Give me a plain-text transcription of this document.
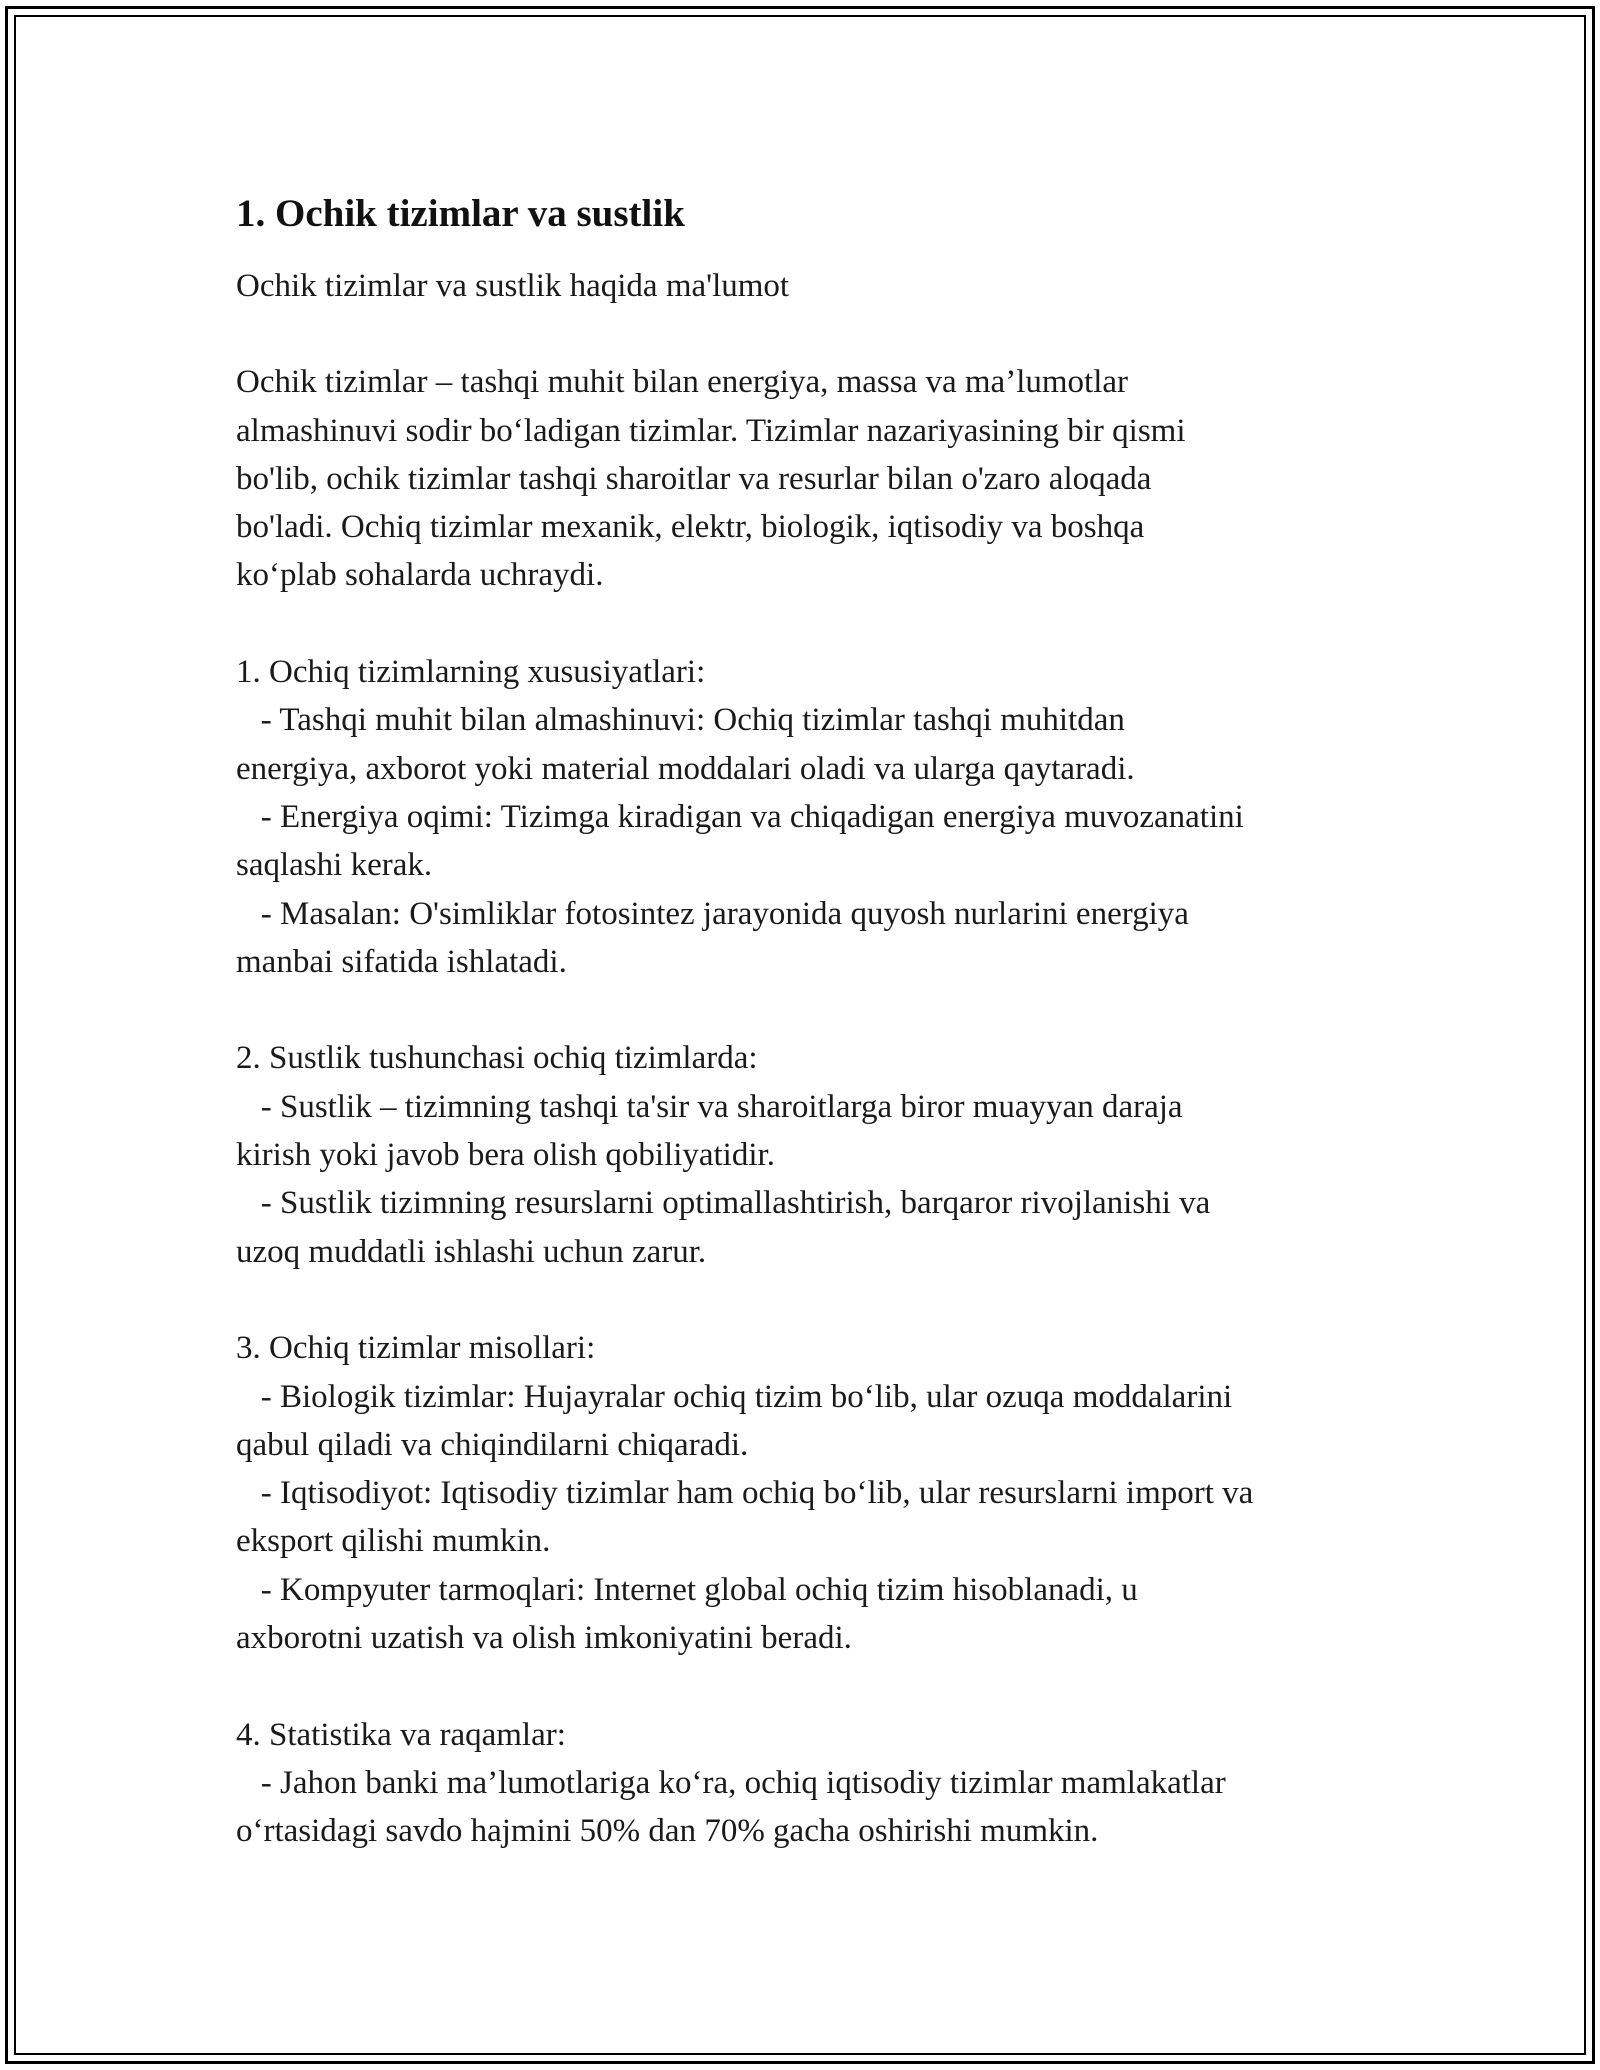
1. Ochik tizimlar va sustlik

Ochik tizimlar va sustlik haqida ma'lumot

Ochik tizimlar – tashqi muhit bilan energiya, massa va ma’lumotlar

almashinuvi sodir bo‘ladigan tizimlar. Tizimlar nazariyasining bir qismi

bo'lib, ochik tizimlar tashqi sharoitlar va resurlar bilan o'zaro aloqada

bo'ladi. Ochiq tizimlar mexanik, elektr, biologik, iqtisodiy va boshqa

ko‘plab sohalarda uchraydi.

1. Ochiq tizimlarning xususiyatlari:

- Tashqi muhit bilan almashinuvi: Ochiq tizimlar tashqi muhitdan

energiya, axborot yoki material moddalari oladi va ularga qaytaradi.

- Energiya oqimi: Tizimga kiradigan va chiqadigan energiya muvozanatini

saqlashi kerak.

- Masalan: O'simliklar fotosintez jarayonida quyosh nurlarini energiya

manbai sifatida ishlatadi.

2. Sustlik tushunchasi ochiq tizimlarda:

- Sustlik – tizimning tashqi ta'sir va sharoitlarga biror muayyan daraja

kirish yoki javob bera olish qobiliyatidir.

- Sustlik tizimning resurslarni optimallashtirish, barqaror rivojlanishi va

uzoq muddatli ishlashi uchun zarur.

3. Ochiq tizimlar misollari:

- Biologik tizimlar: Hujayralar ochiq tizim bo‘lib, ular ozuqa moddalarini

qabul qiladi va chiqindilarni chiqaradi.

- Iqtisodiyot: Iqtisodiy tizimlar ham ochiq bo‘lib, ular resurslarni import va

eksport qilishi mumkin.

- Kompyuter tarmoqlari: Internet global ochiq tizim hisoblanadi, u

axborotni uzatish va olish imkoniyatini beradi.

4. Statistika va raqamlar:

- Jahon banki ma’lumotlariga ko‘ra, ochiq iqtisodiy tizimlar mamlakatlar

o‘rtasidagi savdo hajmini 50% dan 70% gacha oshirishi mumkin.
